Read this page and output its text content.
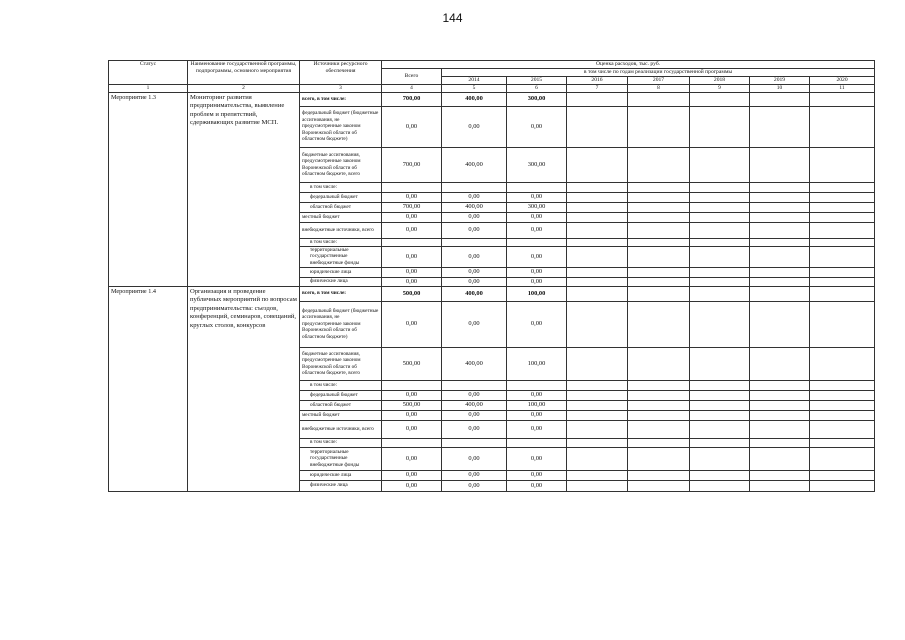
144
Статус	Наименование государственной программы, подпрограммы, основного мероприятия	Источники ресурсного обеспечения	Оценка расходов, тыс. руб.							
			Всего	в том числе по годам реализации государственной программы						
				2014	2015	2016	2017	2018	2019	2020

1	2	3	4	5	6	7	8	9	10	11
Мероприятие 1.3	Мониторинг развития предпринимательства, выявление проблем и препятствий, сдерживающих развитие МСП.	всего, в том числе:	700,00	400,00	300,00					
		федеральный бюджет (бюджетные ассигнования, не предусмотренные законом Воронежской области об областном бюджете)	0,00	0,00	0,00					
		бюджетные ассигнования, предусмотренные законом Воронежской области об областном бюджете, всего	700,00	400,00	300,00					
		в том числе:								
		федеральный бюджет	0,00	0,00	0,00					
		областной бюджет	700,00	400,00	300,00					
		местный бюджет	0,00	0,00	0,00					
		внебюджетные источники, всего	0,00	0,00	0,00					
		в том числе:								
		территориальные государственные внебюджетные фонды	0,00	0,00	0,00					
		юридические лица	0,00	0,00	0,00					
		физические лица	0,00	0,00	0,00					
Мероприятие 1.4	Организация и проведение публичных мероприятий по вопросам предпринимательства: съездов, конференций, семинаров, совещаний, круглых столов, конкурсов	всего, в том числе:	500,00	400,00	100,00					
		федеральный бюджет (бюджетные ассигнования, не предусмотренные законом Воронежской области об областном бюджете)	0,00	0,00	0,00					
		бюджетные ассигнования, предусмотренные законом Воронежской области об областном бюджете, всего	500,00	400,00	100,00					
		в том числе:								
		федеральный бюджет	0,00	0,00	0,00					
		областной бюджет	500,00	400,00	100,00					
		местный бюджет	0,00	0,00	0,00					
		внебюджетные источники, всего	0,00	0,00	0,00					
		в том числе:								
		территориальные государственные внебюджетные фонды	0,00	0,00	0,00					
		юридические лица	0,00	0,00	0,00					
		физические лица	0,00	0,00	0,00					
